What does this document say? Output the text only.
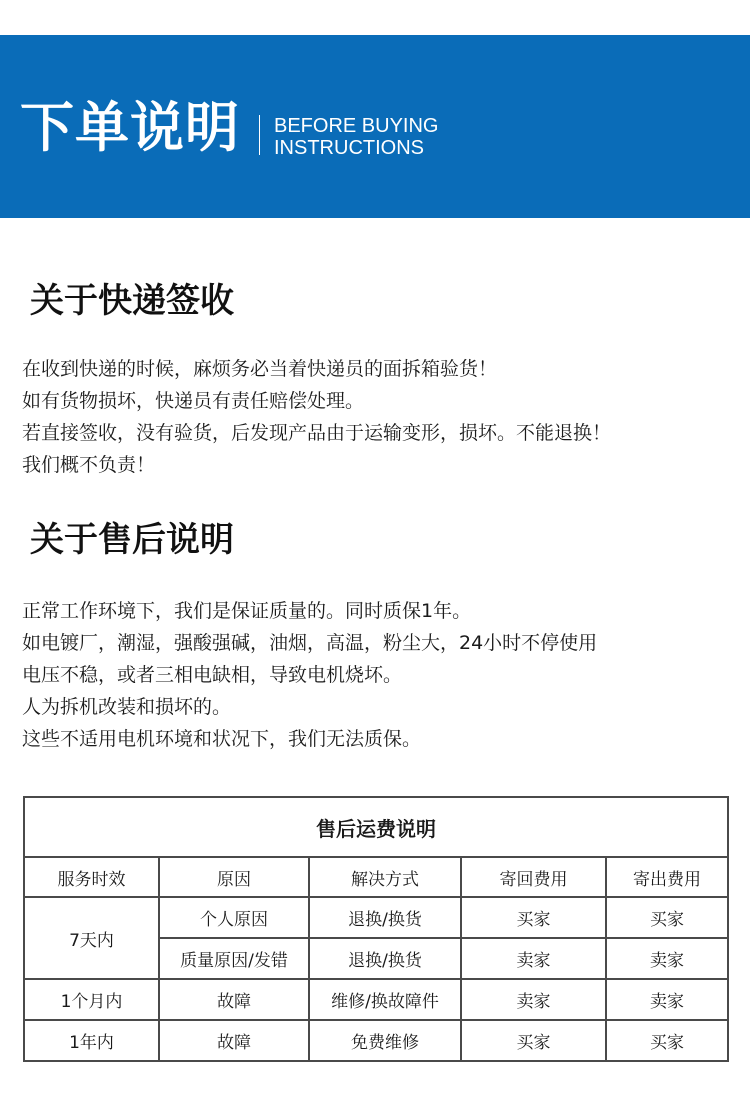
下单说明 BEFORE BUYING
INSTRUCTIONS
关于快递签收
在收到快递的时候，麻烦务必当着快递员的面拆箱验货！
如有货物损坏，快递员有责任赔偿处理。
若直接签收，没有验货，后发现产品由于运输变形，损坏。不能退换！
我们概不负责！
关于售后说明
正常工作环境下，我们是保证质量的。同时质保1年。
如电镀厂，潮湿，强酸强碱，油烟，高温，粉尘大，24小时不停使用
电压不稳，或者三相电缺相，导致电机烧坏。
人为拆机改装和损坏的。
这些不适用电机环境和状况下，我们无法质保。
售后运费说明				
服务时效	原因	解决方式	寄回费用	寄出费用
7天内	个人原因	退换/换货	买家	买家
	质量原因/发错	退换/换货	卖家	卖家
1个月内	故障	维修/换故障件	卖家	卖家
1年内	故障	免费维修	买家	买家
